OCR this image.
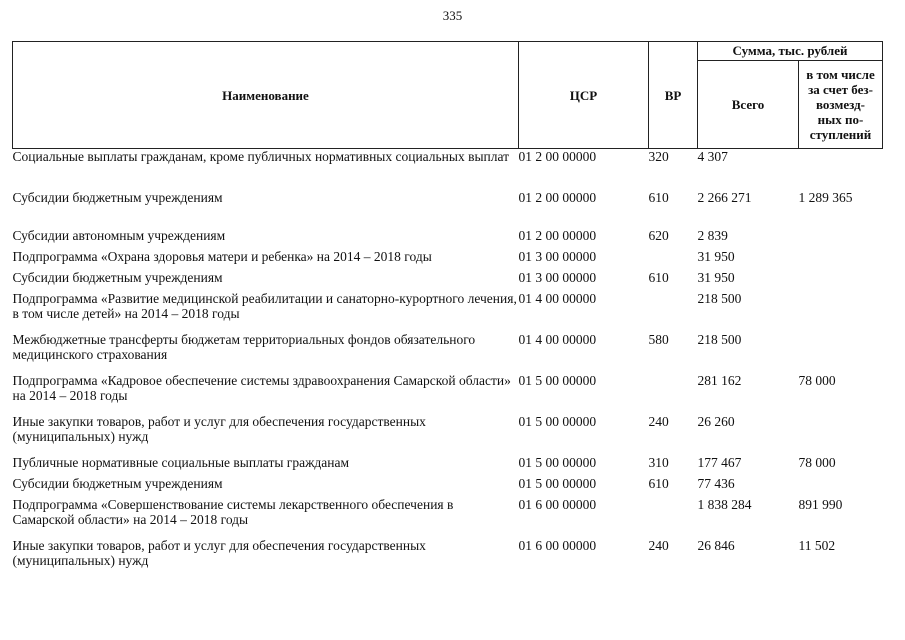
335
Наименование	ЦСР	ВР	Сумма, тыс. рублей	
			Всего	в том числе
за счет без-
возмезд-
ных по-
ступлений

Социальные выплаты гражданам, кроме публичных нормативных социальных выплат	01 2 00 00000	320	4 307	
Субсидии бюджетным учреждениям	01 2 00 00000	610	2 266 271	1 289 365
Субсидии автономным учреждениям	01 2 00 00000	620	2 839	
Подпрограмма «Охрана здоровья матери и ребенка» на 2014 – 2018 годы	01 3 00 00000		31 950	
Субсидии бюджетным учреждениям	01 3 00 00000	610	31 950	
Подпрограмма «Развитие медицинской реабилитации и санаторно-курортного лечения, в том числе детей» на 2014 – 2018 годы	01 4 00 00000		218 500	
Межбюджетные трансферты бюджетам территориальных фондов обязательного медицинского страхования	01 4 00 00000	580	218 500	
Подпрограмма «Кадровое обеспечение системы здравоохранения Самарской области» на 2014 – 2018 годы	01 5 00 00000		281 162	78 000
Иные закупки товаров, работ и услуг для обеспечения государственных (муниципальных) нужд	01 5 00 00000	240	26 260	
Публичные нормативные социальные выплаты гражданам	01 5 00 00000	310	177 467	78 000
Субсидии бюджетным учреждениям	01 5 00 00000	610	77 436	
Подпрограмма «Совершенствование системы лекарственного обеспечения в Самарской области» на 2014 – 2018 годы	01 6 00 00000		1 838 284	891 990
Иные закупки товаров, работ и услуг для обеспечения государственных (муниципальных) нужд	01 6 00 00000	240	26 846	11 502
